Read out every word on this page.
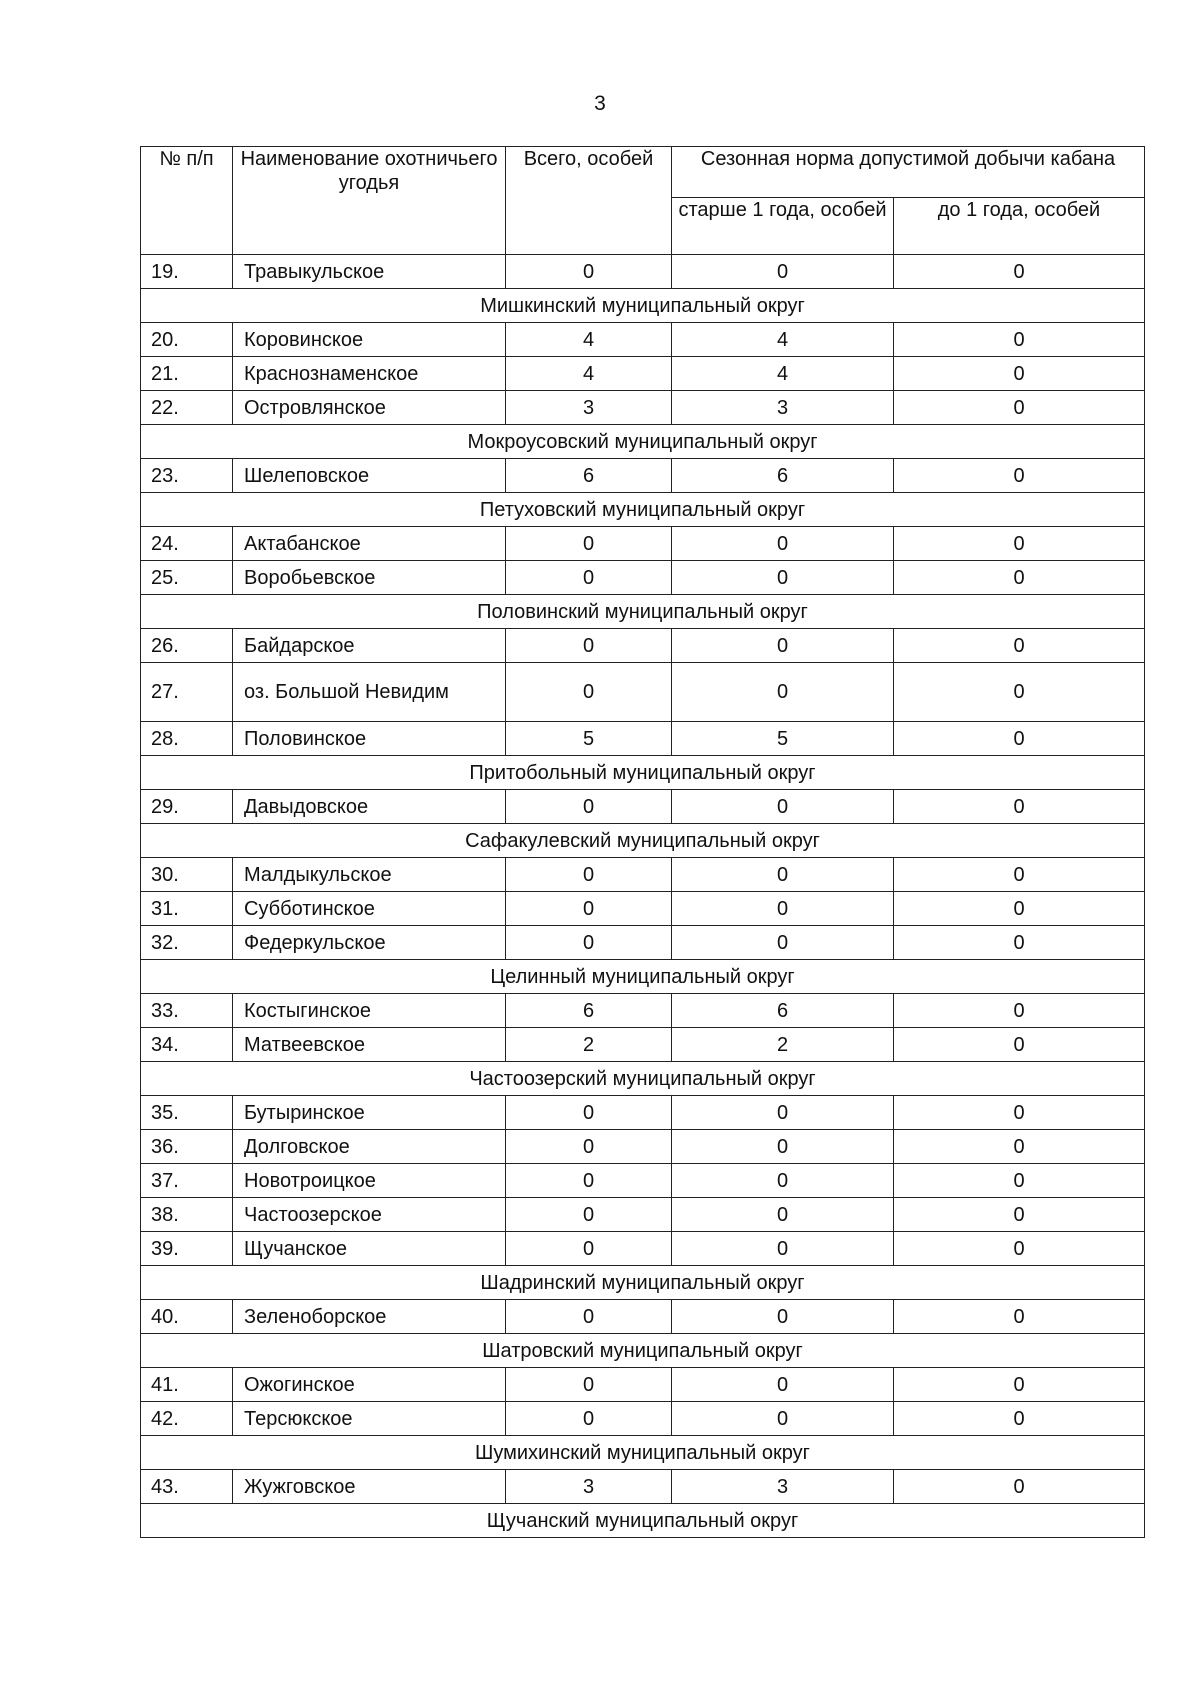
3
№ п/п	Наименование охотничьего угодья	Всего, особей	Сезонная норма допустимой добычи кабана	
			старше 1 года, особей	до 1 года, особей
19.	Травыкульское	0	0	0
Мишкинский муниципальный округ				
20.	Коровинское	4	4	0
21.	Краснознаменское	4	4	0
22.	Островлянское	3	3	0
Мокроусовский муниципальный округ				
23.	Шелеповское	6	6	0
Петуховский муниципальный округ				
24.	Актабанское	0	0	0
25.	Воробьевское	0	0	0
Половинский муниципальный округ				
26.	Байдарское	0	0	0
27.	оз. Большой Невидим	0	0	0
28.	Половинское	5	5	0
Притобольный муниципальный округ				
29.	Давыдовское	0	0	0
Сафакулевский муниципальный округ				
30.	Малдыкульское	0	0	0
31.	Субботинское	0	0	0
32.	Федеркульское	0	0	0
Целинный муниципальный округ				
33.	Костыгинское	6	6	0
34.	Матвеевское	2	2	0
Частоозерский муниципальный округ				
35.	Бутыринское	0	0	0
36.	Долговское	0	0	0
37.	Новотроицкое	0	0	0
38.	Частоозерское	0	0	0
39.	Щучанское	0	0	0
Шадринский муниципальный округ				
40.	Зеленоборское	0	0	0
Шатровский муниципальный округ				
41.	Ожогинское	0	0	0
42.	Терсюкское	0	0	0
Шумихинский муниципальный округ				
43.	Жужговское	3	3	0
Щучанский муниципальный округ				
